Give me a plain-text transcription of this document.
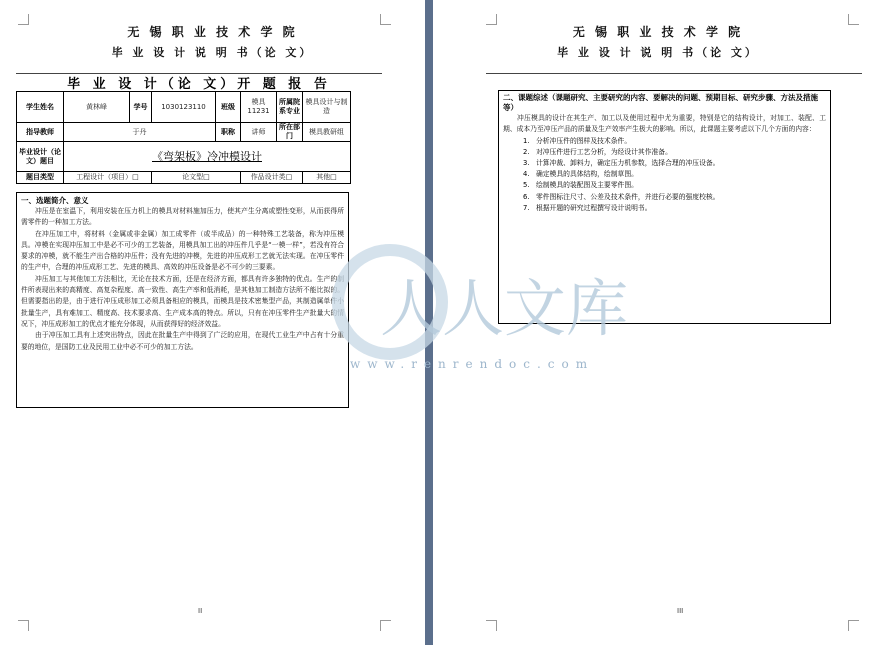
无 锡 职 业 技 术 学 院
毕 业 设 计 说 明 书（论 文）
毕 业 设 计（论 文）开 题 报 告
学生姓名	黄林峰	学号	1030123110	班级	模具11231	所属院系专业	模具设计与制造
指导教师	于丹			职称	讲师	所在部门	模具教研组
毕业设计（论文）题目	《弯架板》冷冲模设计						
题目类型	工程设计（项目）□		论文型□		作品设计类□		其他□
一、选题简介、意义
冲压是在室温下，利用安装在压力机上的模具对材料施加压力，使其产生分离或塑性变形，从而获得所需零件的一种加工方法。
在冲压加工中，将材料（金属或非金属）加工成零件（或半成品）的一种特殊工艺装备，称为冲压模具。冲模在实现冲压加工中是必不可少的工艺装备，用模具加工出的冲压件几乎是“一模一样”，若没有符合要求的冲模，就不能生产出合格的冲压件；没有先进的冲模，先进的冲压成形工艺就无法实现。在冲压零件的生产中，合理的冲压成形工艺、先进的模具、高效的冲压设备是必不可少的三要素。
冲压加工与其他加工方法相比，无论在技术方面，还是在经济方面，都具有许多独特的优点。生产的制件所表现出来的高精度、高复杂程度、高一致性、高生产率和低消耗，是其他加工制造方法所不能比拟的。但需要指出的是，由于进行冲压成形加工必须具备相应的模具，而模具是技术密集型产品，其制造属单件小批量生产，具有难加工、精度高、技术要求高、生产成本高的特点。所以，只有在冲压零件生产批量大的情况下，冲压成形加工的优点才能充分体现，从而获得好的经济效益。
由于冲压加工具有上述突出特点，因此在批量生产中得到了广泛的应用，在现代工业生产中占有十分重要的地位，是国防工业及民用工业中必不可少的加工方法。
II
无 锡 职 业 技 术 学 院
毕 业 设 计 说 明 书（论 文）
二、课题综述（课题研究、主要研究的内容、要解决的问题、预期目标、研究步骤、方法及措施等）
冲压模具的设计在其生产、加工以及使用过程中尤为重要，特别是它的结构设计，对加工、装配、工期、成本乃至冲压产品的质量及生产效率产生极大的影响。所以，此课题主要考虑以下几个方面的内容：
1.   分析冲压件的图样及技术条件。
2.   对冲压件进行工艺分析，为经设计其作准备。
3.   计算冲裁、卸料力，确定压力机参数，选择合理的冲压设备。
4.   确定模具的具体结构，绘制草图。
5.   绘制模具的装配图及主要零件图。
6.   零件图标注尺寸、公差及技术条件，并进行必要的强度校核。
7.   根据开题的研究过程撰写设计说明书。
III
人人文库
www.renrendoc.com
